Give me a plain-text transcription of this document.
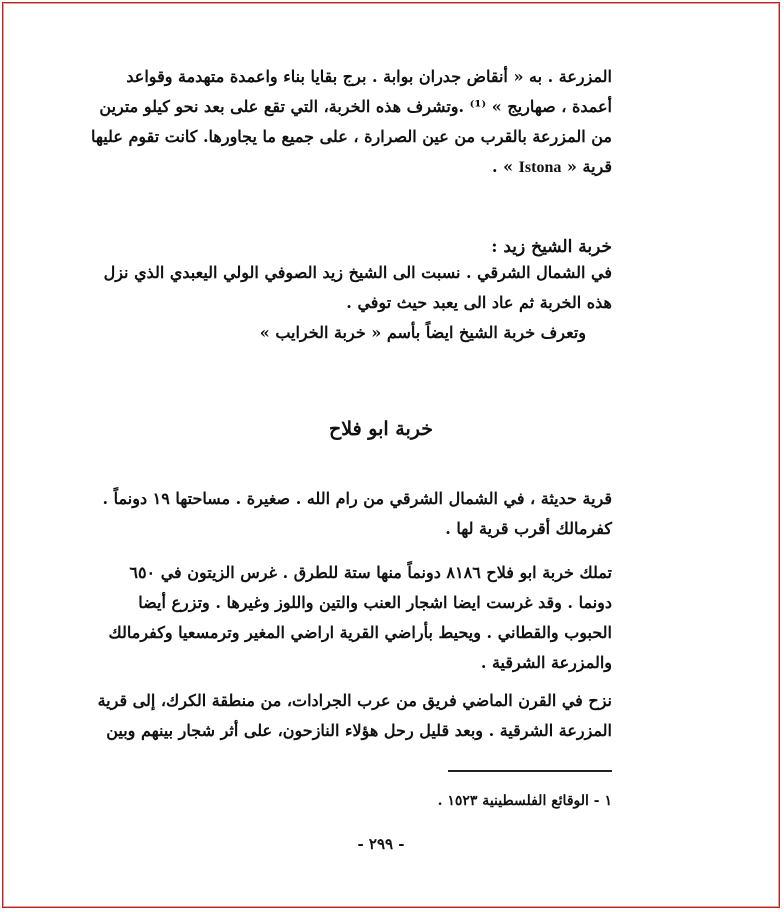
المزرعة . به « أنقاض جدران بوابة . برج بقايا بناء واعمدة متهدمة وقواعد
أعمدة ، صهاريج » ⁽¹⁾ .وتشرف هذه الخربة، التي تقع على بعد نحو كيلو مترين
من المزرعة بالقرب من عين الصرارة ، على جميع ما يجاورها. كانت تقوم عليها
قرية « Istona » .
خربة الشيخ زيد :
في الشمال الشرقي . نسبت الى الشيخ زيد الصوفي الولي اليعبدي الذي نزل
هذه الخربة ثم عاد الى يعبد حيث توفي .
وتعرف خربة الشيخ ايضاً بأسم « خربة الخرايب »
خربة ابو فلاح
قرية حديثة ، في الشمال الشرقي من رام الله . صغيرة . مساحتها ١٩ دونماً .
كفرمالك أقرب قرية لها .
تملك خربة ابو فلاح ٨١٨٦ دونماً منها ستة للطرق . غرس الزيتون في ٦٥٠
دونما . وقد غرست ايضا اشجار العنب والتين واللوز وغيرها . وتزرع أيضا
الحبوب والقطاني . ويحيط بأراضي القرية اراضي المغير وترمسعيا وكفرمالك
والمزرعة الشرقية .
نزح في القرن الماضي فريق من عرب الجرادات، من منطقة الكرك، إلى قرية
المزرعة الشرقية . وبعد قليل رحل هؤلاء النازحون، على أثر شجار بينهم وبين
١ - الوقائع الفلسطينية ١٥٢٣ .
- ٢٩٩ -
